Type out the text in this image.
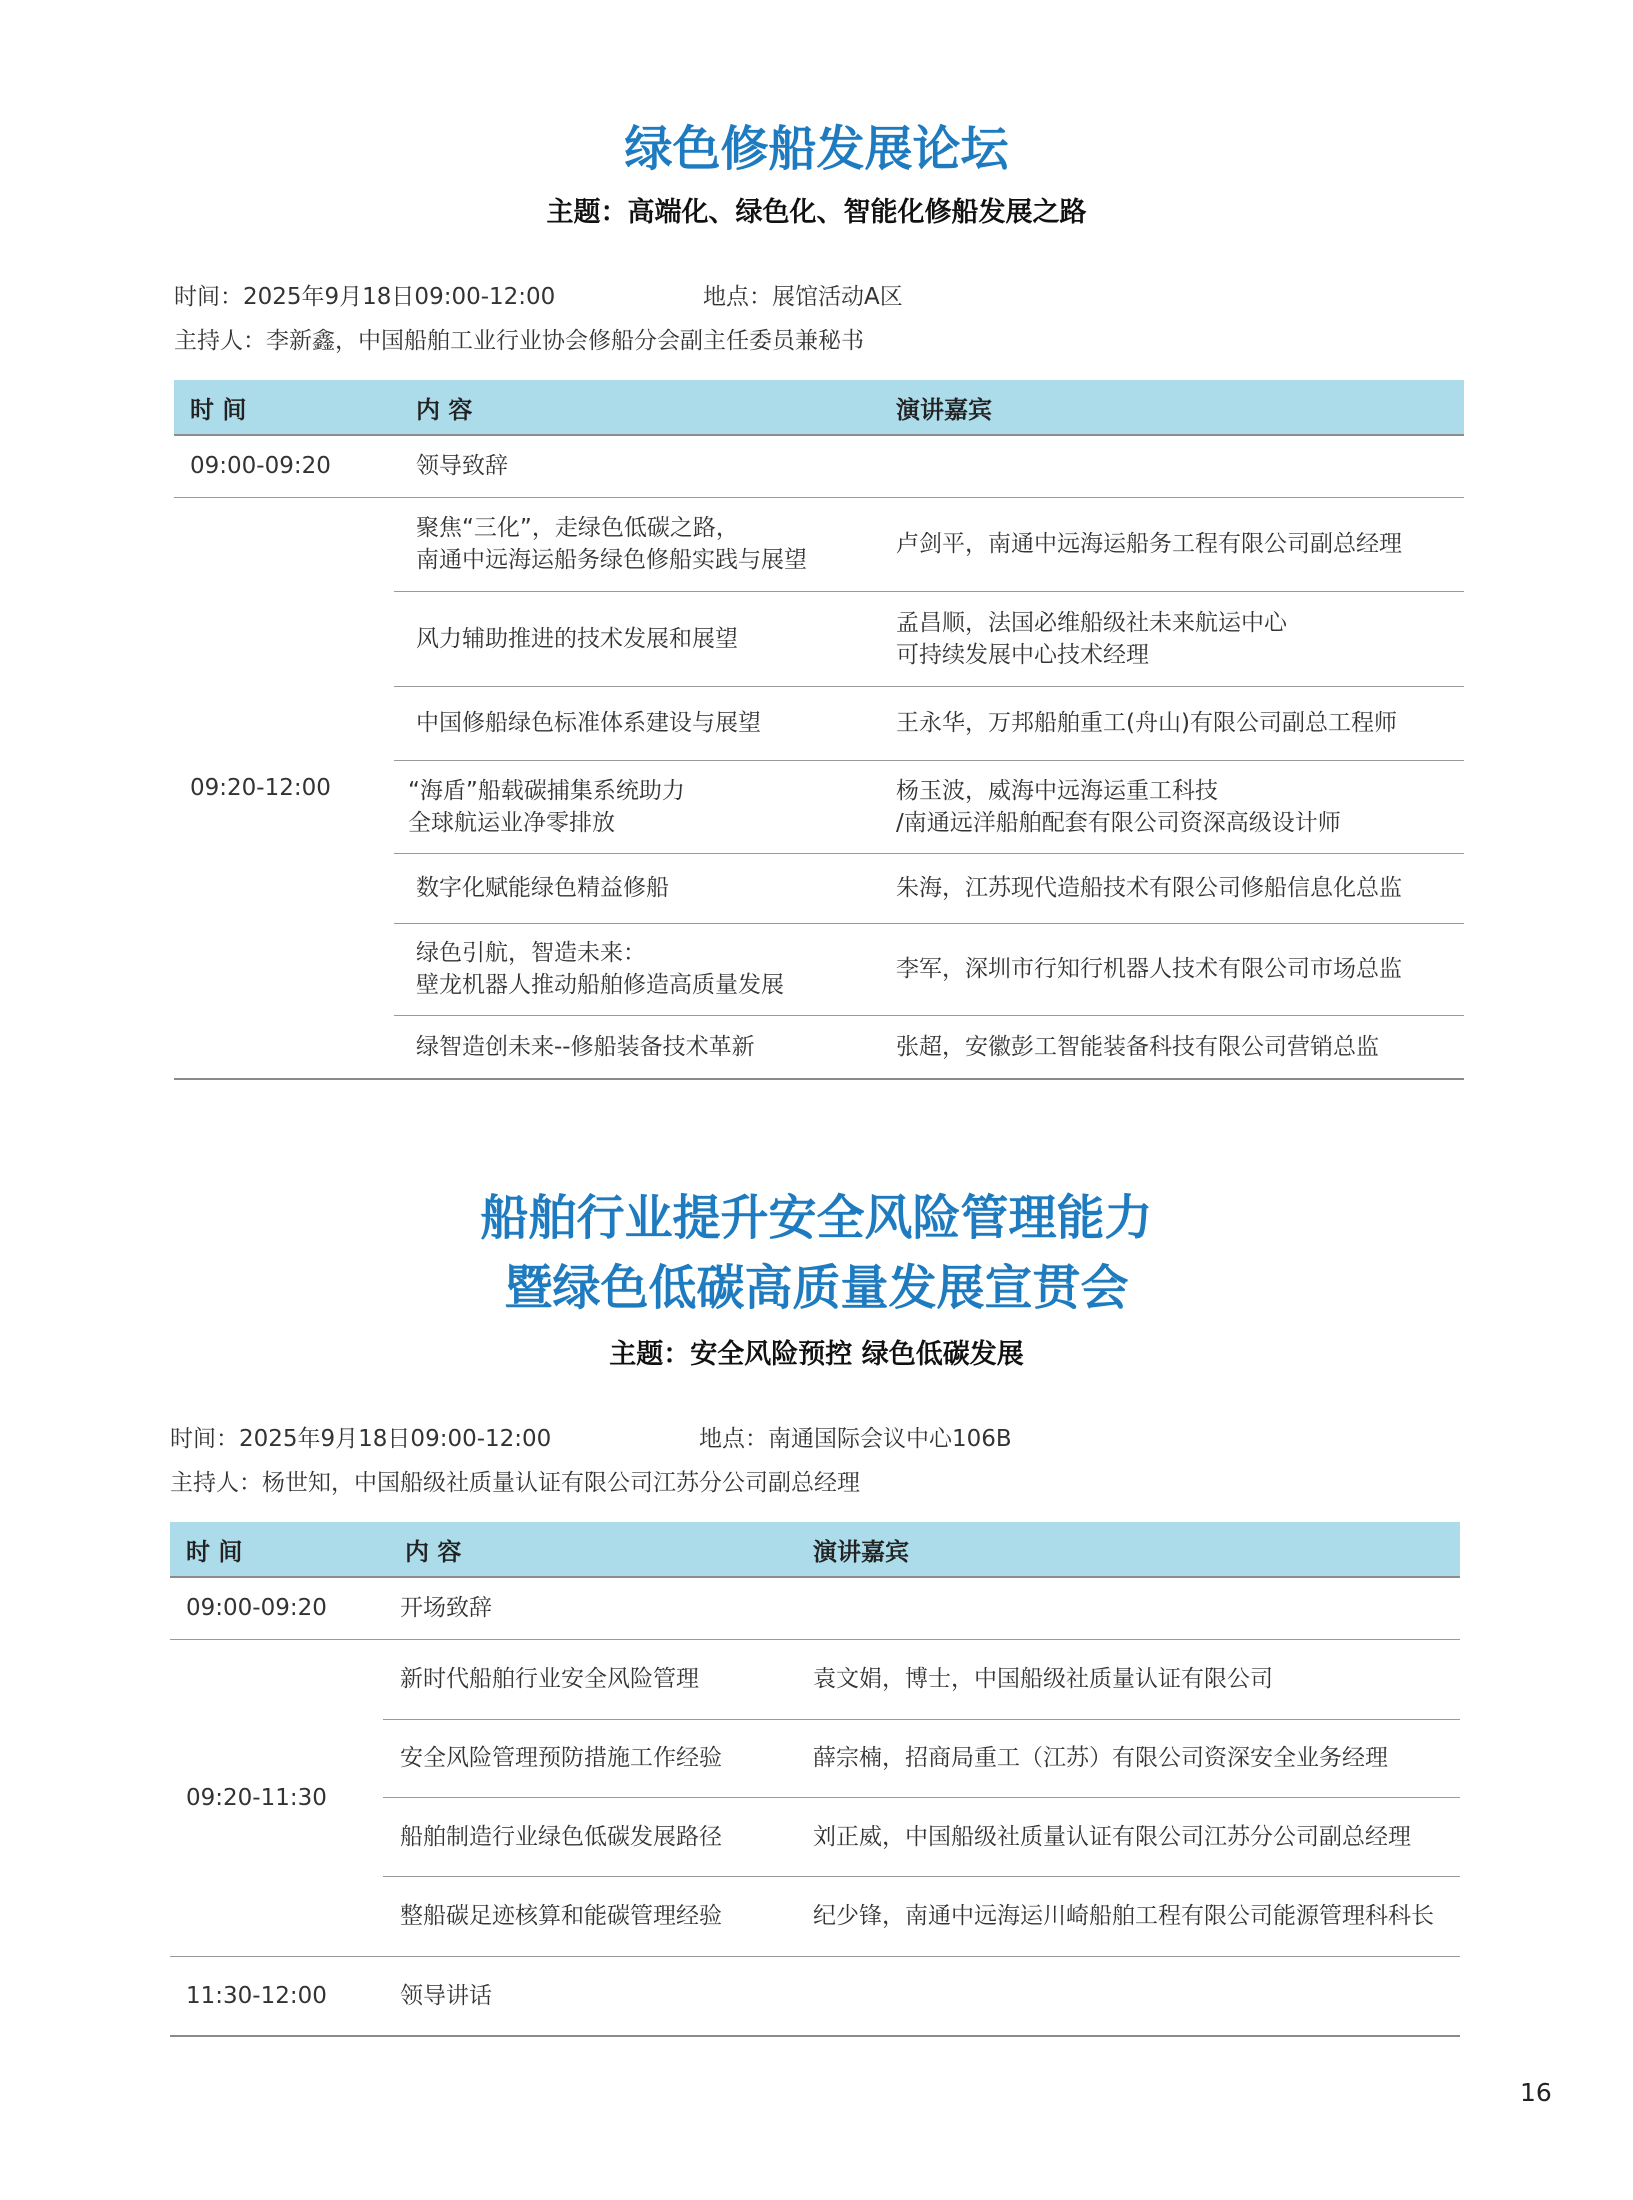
绿色修船发展论坛

主题：高端化、绿色化、智能化修船发展之路

时间：2025年9月18日09:00-12:00	地点：展馆活动A区
主持人：李新鑫，中国船舶工业行业协会修船分会副主任委员兼秘书
时 间	内 容	演讲嘉宾
09:00-09:20	领导致辞	
09:20-12:00	聚焦“三化”，走绿色低碳之路，
南通中远海运船务绿色修船实践与展望	卢剑平，南通中远海运船务工程有限公司副总经理
	风力辅助推进的技术发展和展望	孟昌顺，法国必维船级社未来航运中心
可持续发展中心技术经理
	中国修船绿色标准体系建设与展望	王永华，万邦船舶重工(舟山)有限公司副总工程师
	“海盾”船载碳捕集系统助力
全球航运业净零排放	杨玉波，威海中远海运重工科技
/南通远洋船舶配套有限公司资深高级设计师
	数字化赋能绿色精益修船	朱海，江苏现代造船技术有限公司修船信息化总监
	绿色引航，智造未来：
壁龙机器人推动船舶修造高质量发展	李军，深圳市行知行机器人技术有限公司市场总监
	绿智造创未来--修船装备技术革新	张超，安徽彭工智能装备科技有限公司营销总监
船舶行业提升安全风险管理能力
暨绿色低碳高质量发展宣贯会

主题：安全风险预控 绿色低碳发展

时间：2025年9月18日09:00-12:00	地点：南通国际会议中心106B
主持人：杨世知，中国船级社质量认证有限公司江苏分公司副总经理
时 间	内 容	演讲嘉宾
09:00-09:20	开场致辞	
09:20-11:30	新时代船舶行业安全风险管理	袁文娟，博士，中国船级社质量认证有限公司
	安全风险管理预防措施工作经验	薛宗楠，招商局重工（江苏）有限公司资深安全业务经理
	船舶制造行业绿色低碳发展路径	刘正威，中国船级社质量认证有限公司江苏分公司副总经理
	整船碳足迹核算和能碳管理经验	纪少锋，南通中远海运川崎船舶工程有限公司能源管理科科长
11:30-12:00	领导讲话	
16
